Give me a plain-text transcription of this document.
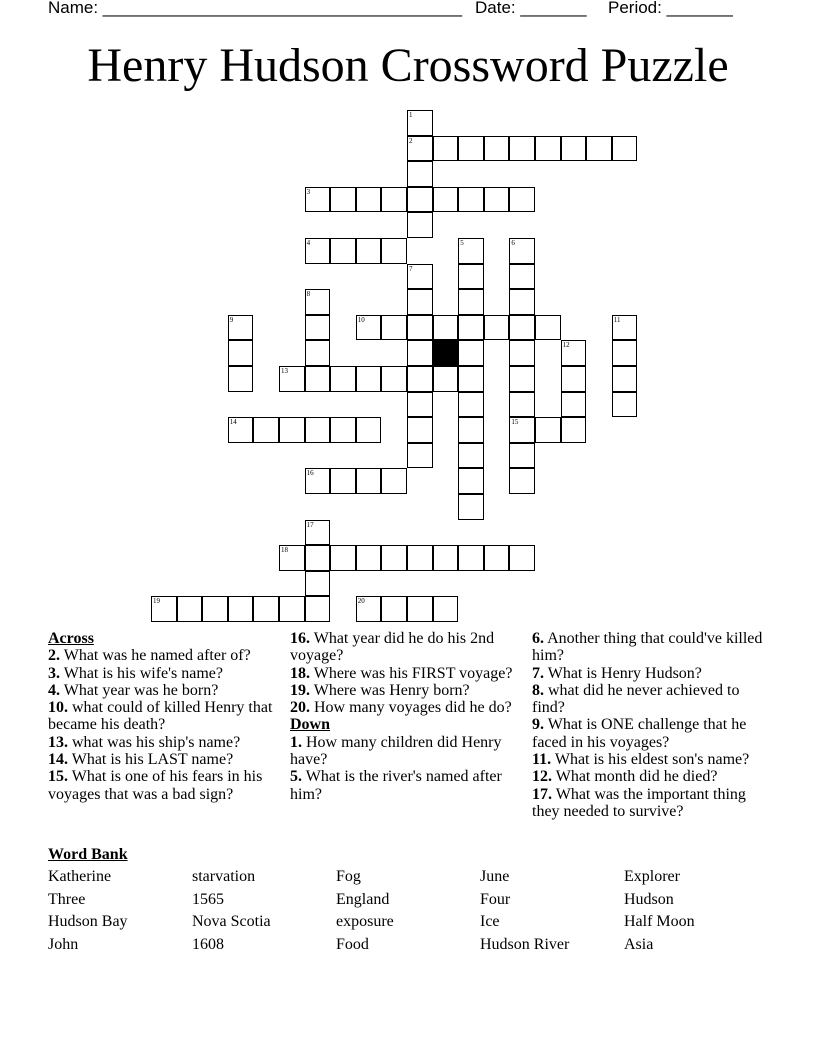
Name: ______________________________________ Date: _______ Period: _______
Henry Hudson Crossword Puzzle
1
2
3
4	5	6
7
8
9	10	11
12
13
14	15
16
17
18
19	20
Across
2. What was he named after of?
3. What is his wife's name?
4. What year was he born?
10. what could of killed Henry that became his death?
13. what was his ship's name?
14. What is his LAST name?
15. What is one of his fears in his voyages that was a bad sign?
16. What year did he do his 2nd voyage?
18. Where was his FIRST voyage?
19. Where was Henry born?
20. How many voyages did he do?
Down
1. How many children did Henry have?
5. What is the river's named after him?
6. Another thing that could've killed him?
7. What is Henry Hudson?
8. what did he never achieved to find?
9. What is ONE challenge that he faced in his voyages?
11. What is his eldest son's name?
12. What month did he died?
17. What was the important thing they needed to survive?
Word Bank
Katherine	starvation	Fog	June	Explorer
Three	1565	England	Four	Hudson
Hudson Bay	Nova Scotia	exposure	Ice	Half Moon
John	1608	Food	Hudson River	Asia
